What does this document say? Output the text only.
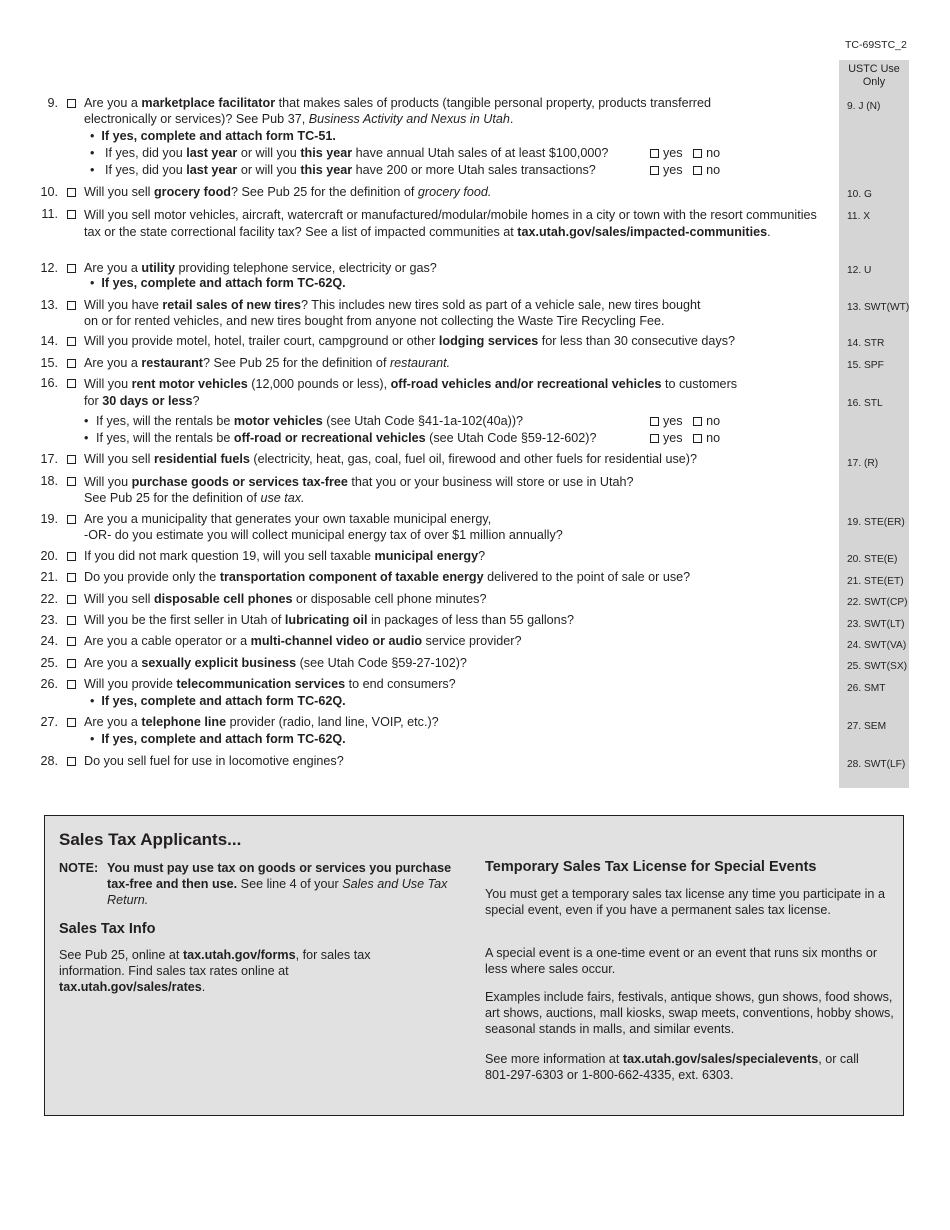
TC-69STC_2
USTC Use Only
9. Are you a marketplace facilitator that makes sales of products (tangible personal property, products transferred electronically or services)? See Pub 37, Business Activity and Nexus in Utah.
•  If yes, complete and attach form TC-51.
• If yes, did you last year or will you this year have annual Utah sales of at least $100,000?	yes no
• If yes, did you last year or will you this year have 200 or more Utah sales transactions?	yes no
9. J (N)
10. Will you sell grocery food? See Pub 25 for the definition of grocery food.	10. G
11. Will you sell motor vehicles, aircraft, watercraft or manufactured/modular/mobile homes in a city or town with the resort communities tax or the state correctional facility tax? See a list of impacted communities at tax.utah.gov/sales/impacted-communities.
11. X
12. Are you a utility providing telephone service, electricity or gas?
•  If yes, complete and attach form TC-62Q.
12. U
13. Will you have retail sales of new tires? This includes new tires sold as part of a vehicle sale, new tires bought
on or for rented vehicles, and new tires bought from anyone not collecting the Waste Tire Recycling Fee.
13. SWT(WT)
14. Will you provide motel, hotel, trailer court, campground or other lodging services for less than 30 consecutive days?	14. STR
15. Are you a restaurant? See Pub 25 for the definition of restaurant.	15. SPF
16. Will you rent motor vehicles (12,000 pounds or less), off-road vehicles and/or recreational vehicles to customers
for 30 days or less?
• If yes, will the rentals be motor vehicles (see Utah Code §41-1a-102(40a))?	yes no
• If yes, will the rentals be off-road or recreational vehicles (see Utah Code §59-12-602)?	yes no
16. STL
17. Will you sell residential fuels (electricity, heat, gas, coal, fuel oil, firewood and other fuels for residential use)?	17. (R)
18. Will you purchase goods or services tax-free that you or your business will store or use in Utah?
See Pub 25 for the definition of use tax.
19. Are you a municipality that generates your own taxable municipal energy,
-OR- do you estimate you will collect municipal energy tax of over $1 million annually?
19. STE(ER)
20. If you did not mark question 19, will you sell taxable municipal energy?	20. STE(E)
21. Do you provide only the transportation component of taxable energy delivered to the point of sale or use?	21. STE(ET)
22. Will you sell disposable cell phones or disposable cell phone minutes?	22. SWT(CP)
23. Will you be the first seller in Utah of lubricating oil in packages of less than 55 gallons?	23. SWT(LT)
24. Are you a cable operator or a multi-channel video or audio service provider?	24. SWT(VA)
25. Are you a sexually explicit business (see Utah Code §59-27-102)?	25. SWT(SX)
26. Will you provide telecommunication services to end consumers?
•  If yes, complete and attach form TC-62Q.
26. SMT
27. Are you a telephone line provider (radio, land line, VOIP, etc.)?
•  If yes, complete and attach form TC-62Q.
27. SEM
28. Do you sell fuel for use in locomotive engines?	28. SWT(LF)
Sales Tax Applicants...
NOTE: You must pay use tax on goods or services you purchase tax-free and then use. See line 4 of your Sales and Use Tax Return.
Sales Tax Info
See Pub 25, online at tax.utah.gov/forms, for sales tax information. Find sales tax rates online at tax.utah.gov/sales/rates.
Temporary Sales Tax License for Special Events
You must get a temporary sales tax license any time you participate in a special event, even if you have a permanent sales tax license.
A special event is a one-time event or an event that runs six months or less where sales occur.
Examples include fairs, festivals, antique shows, gun shows, food shows, art shows, auctions, mall kiosks, swap meets, conventions, hobby shows, seasonal stands in malls, and similar events.
See more information at tax.utah.gov/sales/specialevents, or call 801-297-6303 or 1-800-662-4335, ext. 6303.
